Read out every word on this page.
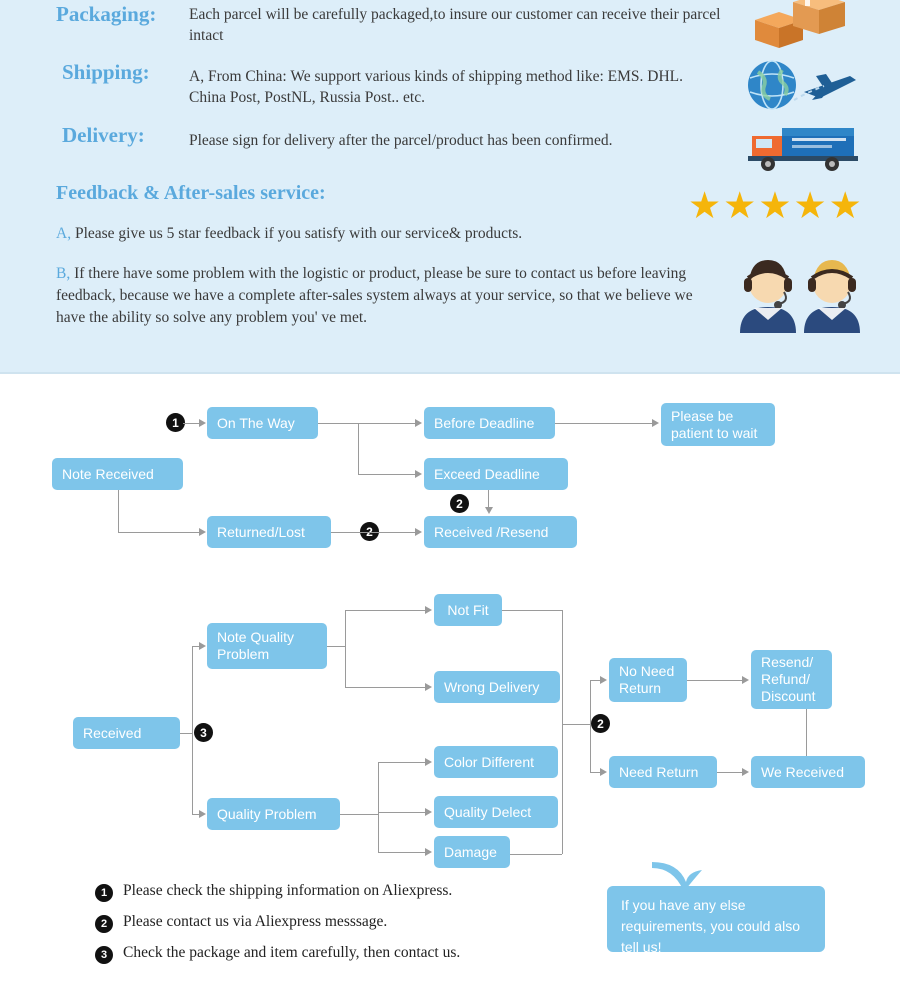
Packaging: Each parcel will be carefully packaged,to insure our customer can receive their parcel intact
Shipping:	A, From China: We support various kinds of shipping method like: EMS. DHL. China Post, PostNL, Russia Post.. etc.
Delivery:	Please sign for delivery after the parcel/product has been confirmed.
Feedback & After-sales service:
A, Please give us 5 star feedback if you satisfy with our service& products.
B, If there have some problem with the logistic or product, please be sure to contact us before leaving feedback, because we have a complete after-sales system always at your service, so that we believe we have the ability so solve any problem you' ve met.
★★★★★
Note Received
On The Way
Returned/Lost
Before Deadline
Exceed Deadline
Received /Resend
Please be patient to wait
1
2
Received
Note Quality Problem
Quality Problem
Not Fit
Wrong Delivery
Color Different
Quality Delect
Damage
No Need Return
Need Return
Resend/ Refund/ Discount
We Received
3
2
1	Please check the shipping information on Aliexpress.
2	Please contact us via Aliexpress messsage.
3	Check the package and item carefully, then contact us.
If you have any else requirements, you could also tell us!
